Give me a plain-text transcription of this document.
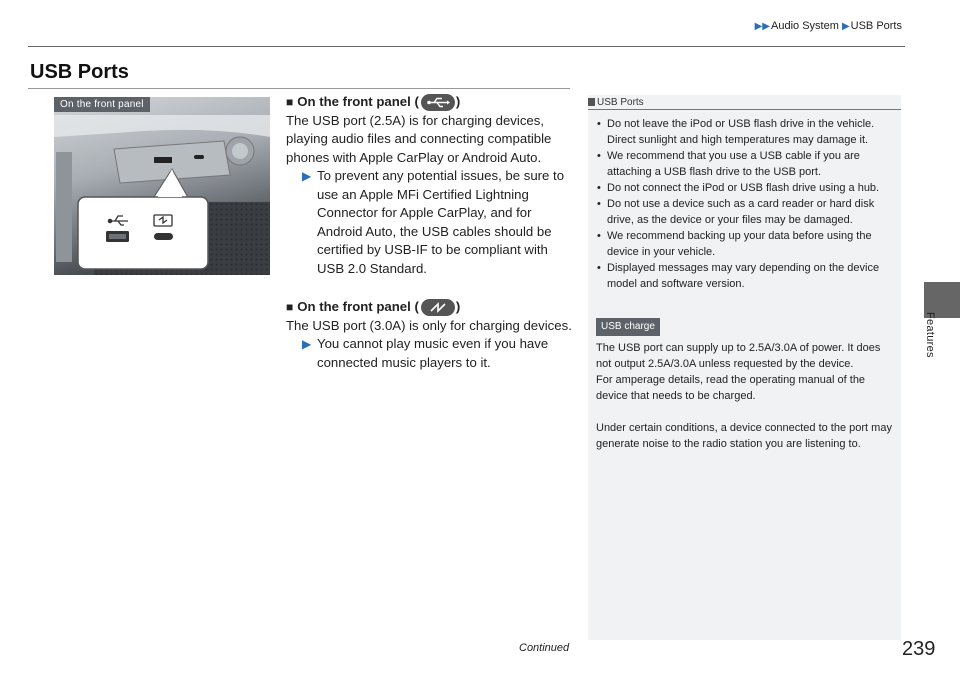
▶▶Audio System ▶USB Ports
Features
USB Ports
On the front panel	■ On the front panel (	)

The USB port (2.5A) is for charging devices, playing audio files and connecting compatible phones with Apple CarPlay or Android Auto.

▶ To prevent any potential issues, be sure to use an Apple MFi Certified Lightning Connector for Apple CarPlay, and for Android Auto, the USB cables should be certified by USB-IF to be compliant with USB 2.0 Standard.
■ On the front panel (	)

The USB port (3.0A) is only for charging devices.

▶ You cannot play music even if you have connected music players to it.
USB Ports
• Do not leave the iPod or USB flash drive in the vehicle. Direct sunlight and high temperatures may damage it.
• We recommend that you use a USB cable if you are attaching a USB flash drive to the USB port.
• Do not connect the iPod or USB flash drive using a hub.
• Do not use a device such as a card reader or hard disk drive, as the device or your files may be damaged.
• We recommend backing up your data before using the device in your vehicle.
• Displayed messages may vary depending on the device model and software version.
USB charge

The USB port can supply up to 2.5A/3.0A of power. It does not output 2.5A/3.0A unless requested by the device.

For amperage details, read the operating manual of the device that needs to be charged.

Under certain conditions, a device connected to the port may generate noise to the radio station you are listening to.

Continued	239
